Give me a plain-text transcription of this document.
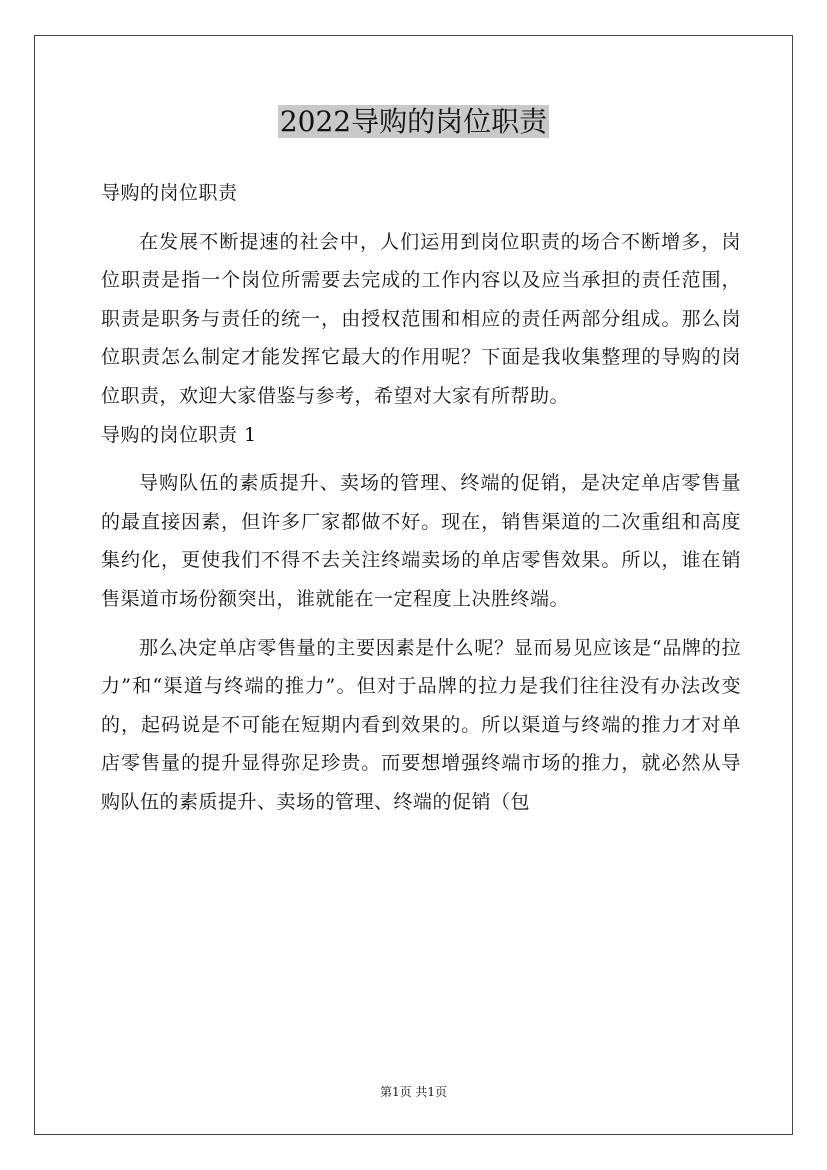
2022导购的岗位职责

导购的岗位职责

在发展不断提速的社会中，人们运用到岗位职责的场合不断增多，岗位职责是指一个岗位所需要去完成的工作内容以及应当承担的责任范围，职责是职务与责任的统一，由授权范围和相应的责任两部分组成。那么岗位职责怎么制定才能发挥它最大的作用呢？下面是我收集整理的导购的岗位职责，欢迎大家借鉴与参考，希望对大家有所帮助。

导购的岗位职责 1

导购队伍的素质提升、卖场的管理、终端的促销，是决定单店零售量的最直接因素，但许多厂家都做不好。现在，销售渠道的二次重组和高度集约化，更使我们不得不去关注终端卖场的单店零售效果。所以，谁在销售渠道市场份额突出，谁就能在一定程度上决胜终端。

那么决定单店零售量的主要因素是什么呢？显而易见应该是“品牌的拉力”和“渠道与终端的推力”。但对于品牌的拉力是我们往往没有办法改变的，起码说是不可能在短期内看到效果的。所以渠道与终端的推力才对单店零售量的提升显得弥足珍贵。而要想增强终端市场的推力，就必然从导购队伍的素质提升、卖场的管理、终端的促销（包

第1页 共1页
